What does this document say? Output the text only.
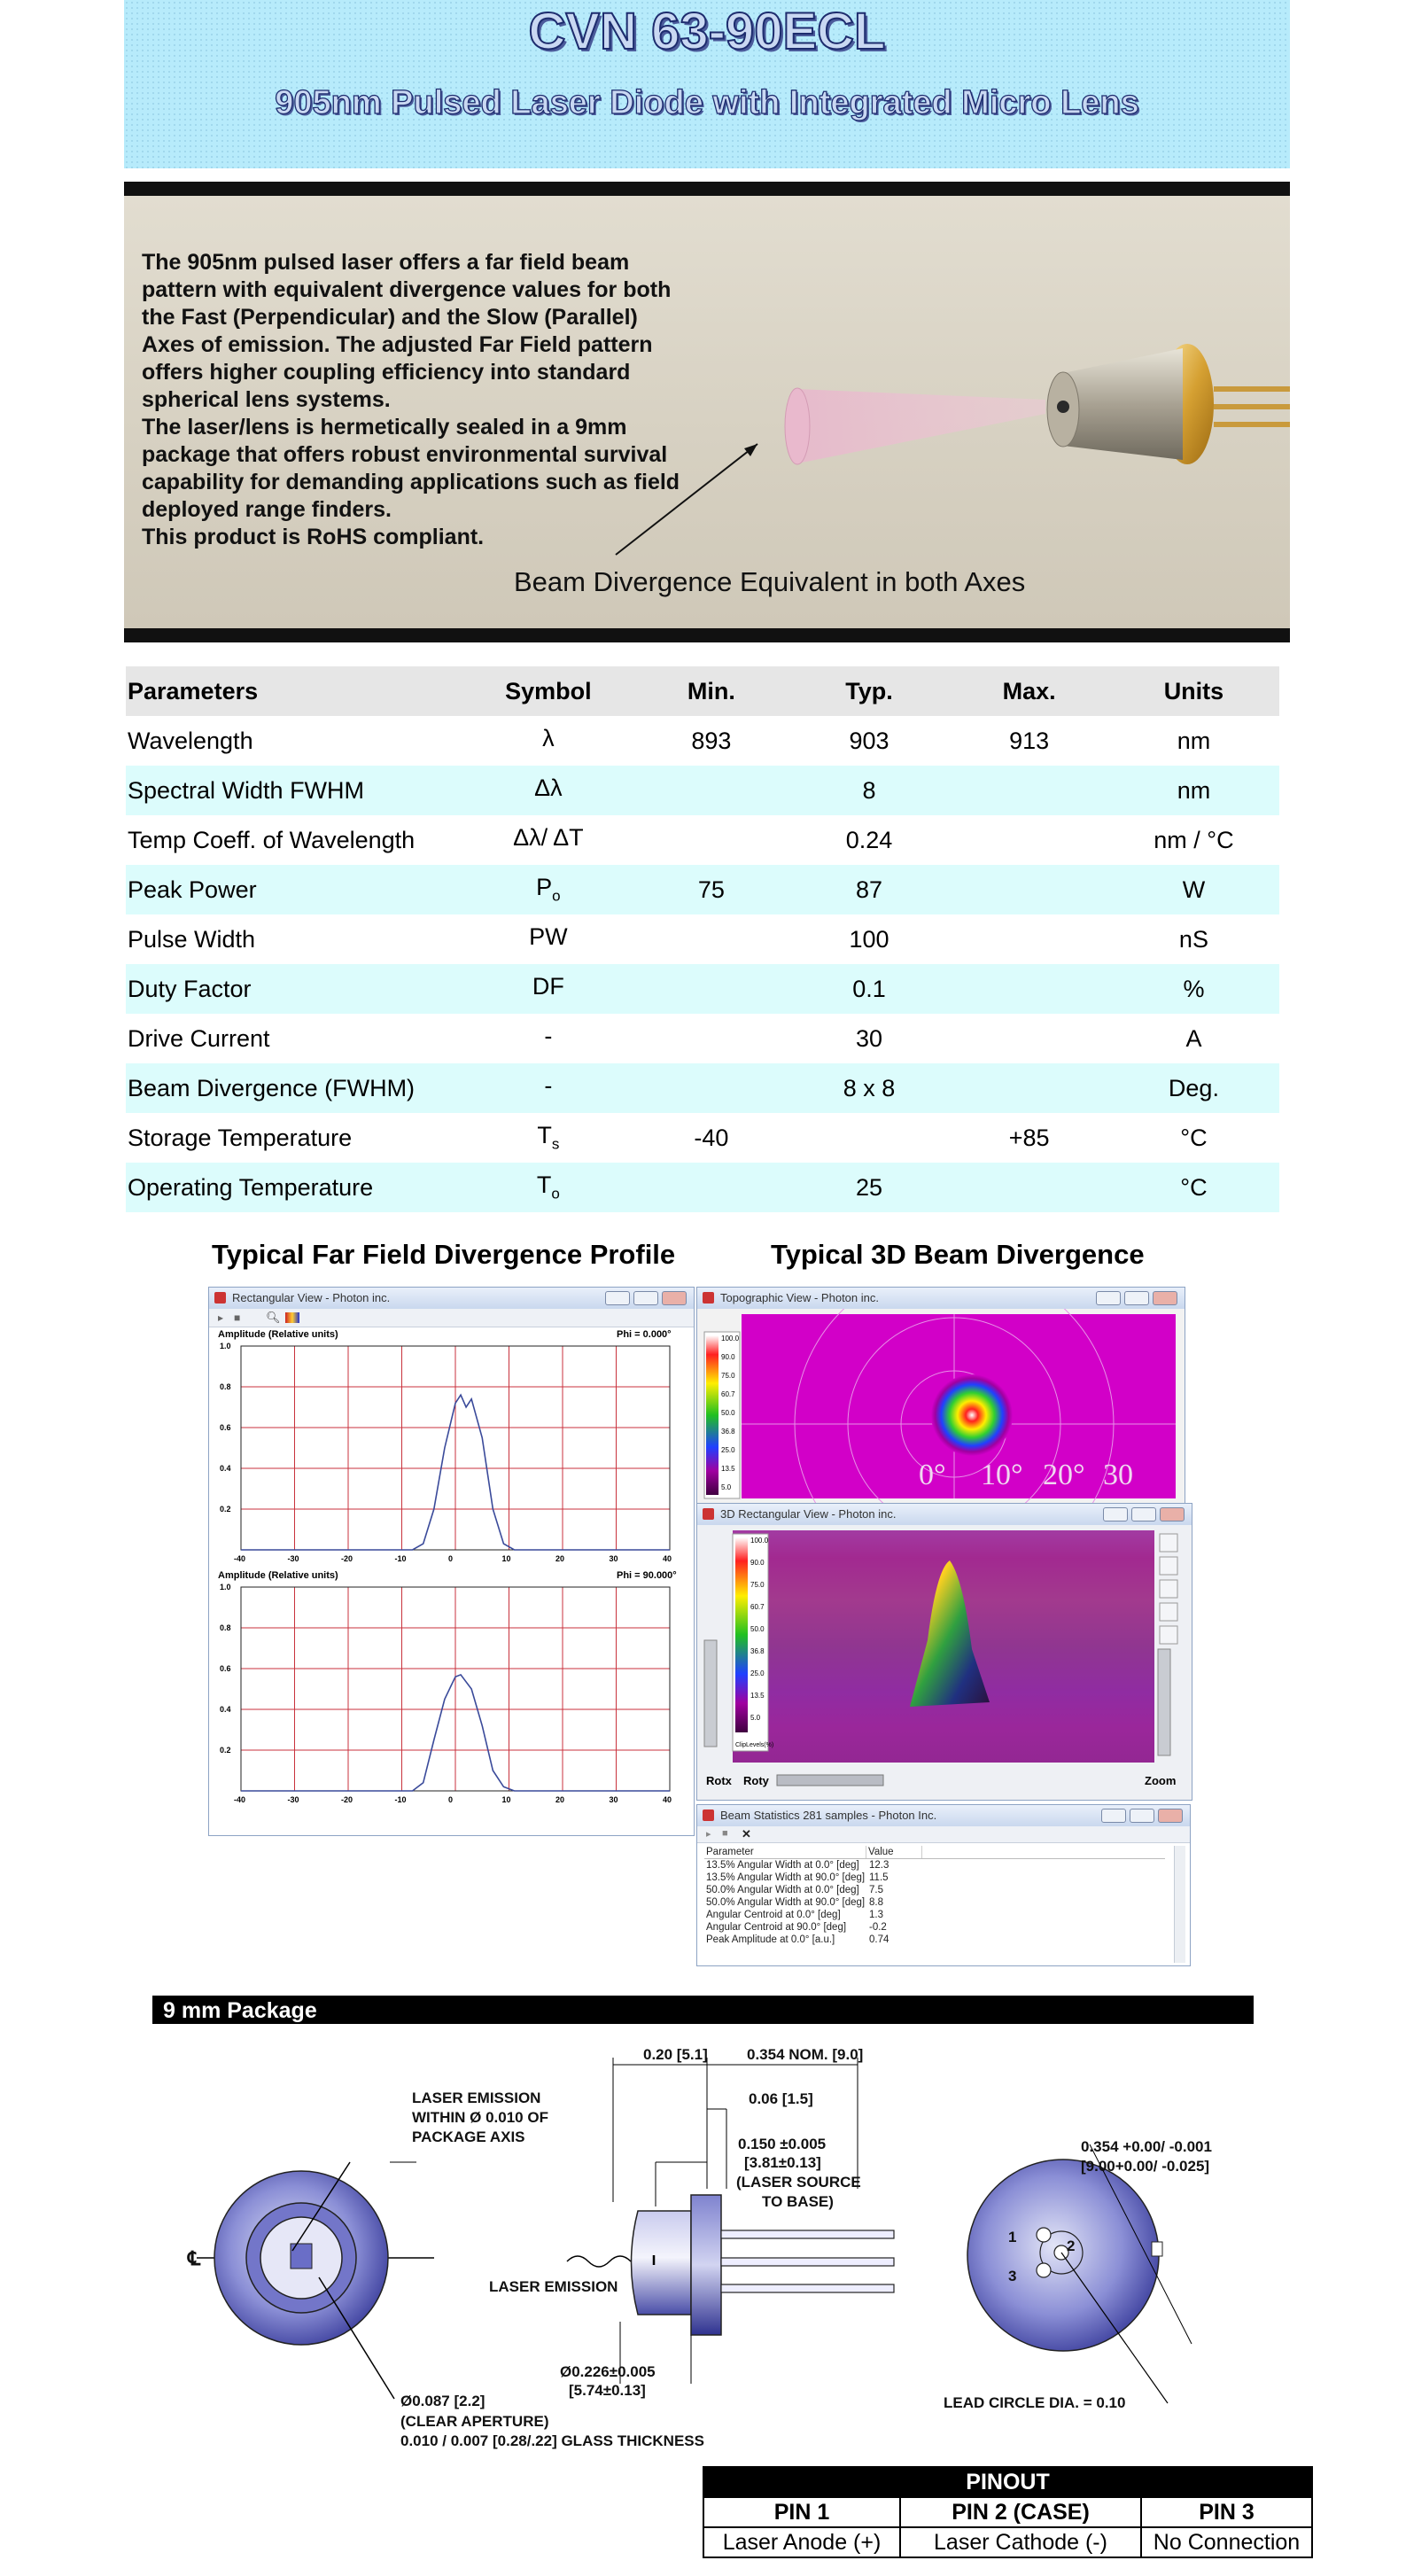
CVN 63-90ECL
905nm Pulsed Laser Diode with Integrated Micro Lens

The 905nm pulsed laser offers a far field beam pattern with equivalent divergence values for both the Fast (Perpendicular) and the Slow (Parallel) Axes of emission. The adjusted Far Field pattern offers higher coupling efficiency into standard spherical lens systems.

The laser/lens is hermetically sealed in a 9mm package that offers robust environmental survival capability for demanding applications such as field deployed range finders.

This product is RoHS compliant.

Beam Divergence Equivalent in both Axes
Parameters	Symbol	Min.	Typ.	Max.	Units
Wavelength	λ	893	903	913	nm
Spectral Width FWHM	Δλ		8		nm
Temp Coeff. of Wavelength	Δλ/ ΔT		0.24		nm / °C
Peak Power	$P_o$	75	87		W
Pulse Width	PW		100		nS
Duty Factor	DF		0.1		%
Drive Current	-		30		A
Beam Divergence (FWHM)	-		8 x 8		Deg.
Storage Temperature	$T_s$	-40		+85	°C
Operating Temperature	$T_o$		25		°C
Typical Far Field Divergence Profile	Typical 3D Beam Divergence
Rectangular View - Photon inc.
▸ ■ 🔍︎
Amplitude (Relative units)	Phi = 0.000°
-40	-30	-20	-10	0	10	20	30	40
1.0
0.8
0.6
0.4
0.2
Amplitude (Relative units)	Phi = 90.000°
-40	-30	-20	-10	0	10	20	30	40
1.0
0.8
0.6
0.4
0.2
Topographic View - Photon inc.
100.0
90.0
75.0
60.7
50.0
36.8
25.0
13.5
5.0	0° 10° 20° 30
3D Rectangular View - Photon inc.
100.0
90.0
75.0
60.7
50.0
36.8
25.0
13.5
5.0
ClipLevels(%)
Rotx Roty	Zoom
Beam Statistics 281 samples - Photon Inc.
▸ ■ ✕
Parameter	Value
13.5% Angular Width at 0.0° [deg] 12.3
13.5% Angular Width at 90.0° [deg] 11.5
50.0% Angular Width at 0.0° [deg] 7.5
50.0% Angular Width at 90.0° [deg] 8.8
Angular Centroid at 0.0° [deg]	1.3
Angular Centroid at 90.0° [deg]	-0.2
Peak Amplitude at 0.0° [a.u.]	0.74
9 mm Package
0.20 [5.1]	0.354 NOM. [9.0]
0.06 [1.5]
0.150 ±0.005
[3.81±0.13]
(LASER SOURCE
TO BASE)
LASER EMISSION
WITHIN Ø 0.010 OF
PACKAGE AXIS
℄
LASER EMISSION
Ø0.226±0.005
[5.74±0.13]
Ø0.087 [2.2]
(CLEAR APERTURE)
0.010 / 0.007 [0.28/.22] GLASS THICKNESS
0.354 +0.00/ -0.001
[9.00+0.00/ -0.025]
LEAD CIRCLE DIA. = 0.10
1
2
3
PINOUT		
PIN 1	PIN 2 (CASE)	PIN 3
Laser Anode (+)	Laser Cathode (-)	No Connection
